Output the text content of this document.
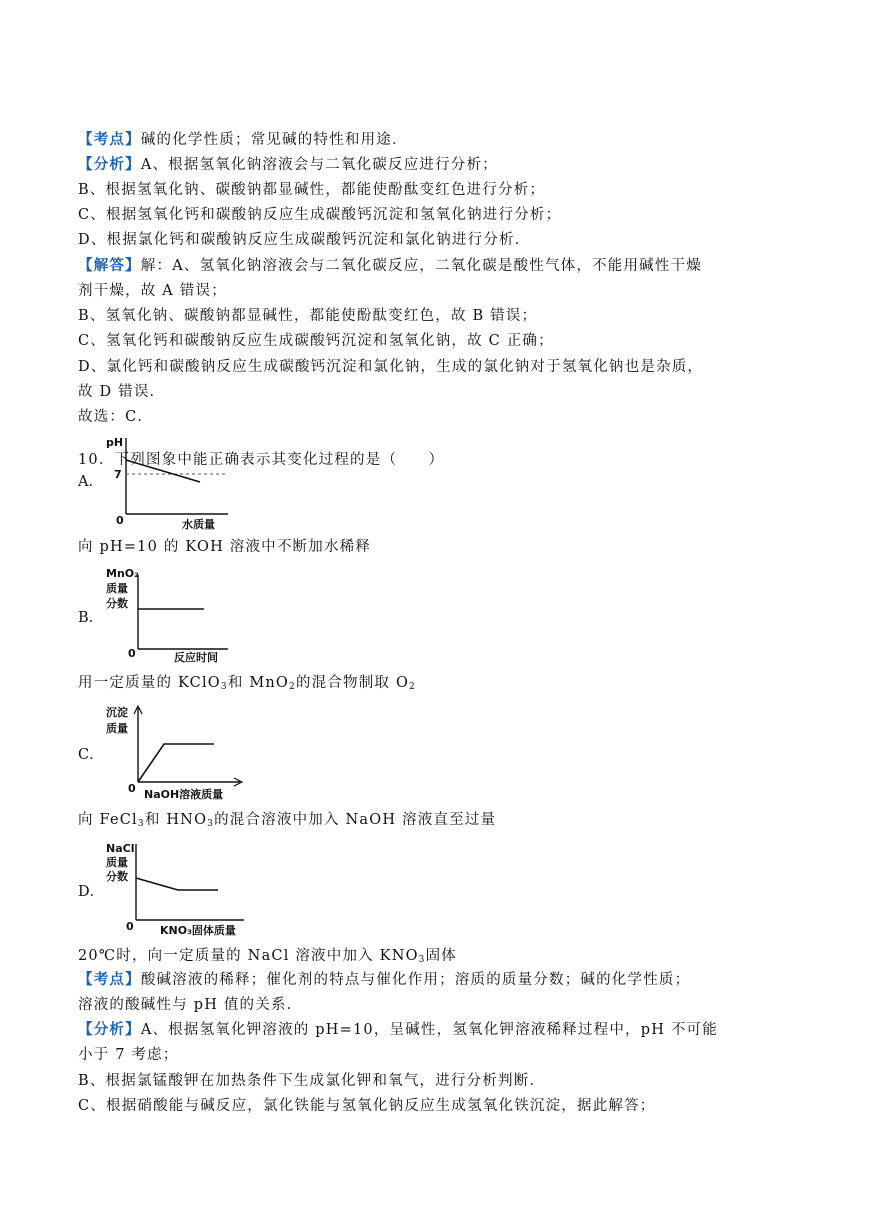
【考点】碱的化学性质；常见碱的特性和用途．
【分析】A、根据氢氧化钠溶液会与二氧化碳反应进行分析；
B、根据氢氧化钠、碳酸钠都显碱性，都能使酚酞变红色进行分析；
C、根据氢氧化钙和碳酸钠反应生成碳酸钙沉淀和氢氧化钠进行分析；
D、根据氯化钙和碳酸钠反应生成碳酸钙沉淀和氯化钠进行分析．
【解答】解：A、氢氧化钠溶液会与二氧化碳反应，二氧化碳是酸性气体，不能用碱性干燥
剂干燥，故 A 错误；
B、氢氧化钠、碳酸钠都显碱性，都能使酚酞变红色，故 B 错误；
C、氢氧化钙和碳酸钠反应生成碳酸钙沉淀和氢氧化钠，故 C 正确；
D、氯化钙和碳酸钠反应生成碳酸钙沉淀和氯化钠，生成的氯化钠对于氢氧化钠也是杂质，
故 D 错误．
故选：C．
10．下列图象中能正确表示其变化过程的是（　　）
A．
pH
7
0	水质量
向 pH=10 的 KOH 溶液中不断加水稀释
B．
MnO₂
质量
分数
0	反应时间
用一定质量的 KClO$_3$和 MnO$_2$的混合物制取 $O_2$
C．
沉淀
质量
0 NaOH溶液质量
向 FeCl$_3$和 $HNO_3$的混合溶液中加入 NaOH 溶液直至过量
D．
NaCl
质量
分数
0 KNO₃固体质量
20℃时，向一定质量的 NaCl 溶液中加入 $KNO_3$固体
【考点】酸碱溶液的稀释；催化剂的特点与催化作用；溶质的质量分数；碱的化学性质；
溶液的酸碱性与 pH 值的关系．
【分析】A、根据氢氧化钾溶液的 pH=10，呈碱性，氢氧化钾溶液稀释过程中，pH 不可能
小于 7 考虑；
B、根据氯锰酸钾在加热条件下生成氯化钾和氧气，进行分析判断．
C、根据硝酸能与碱反应，氯化铁能与氢氧化钠反应生成氢氧化铁沉淀，据此解答；
